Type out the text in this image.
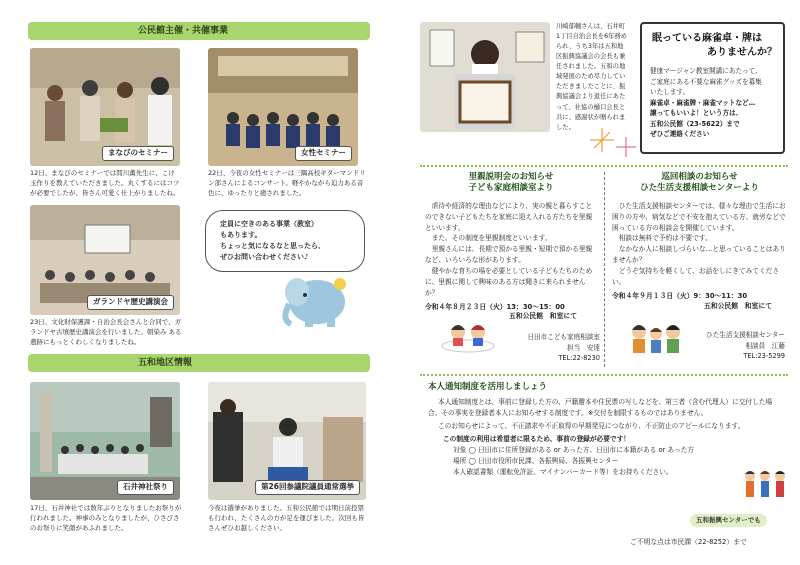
公民館主催・共催事業
まなびのセミナー
12日、まなびのセミナーでは間川薫先生に、こけ玉作りを教えていただきました。丸くするにはコツが必要でしたが、皆さん可愛く仕上がりましたね。
女性セミナー
22日、今夜の女性セミナーは三隅高校ギターマンドリン部さんによるコンサート。軽やかながら迫力ある音色に、ゆったりと癒されました。
ガランドヤ歴史講演会
23日、文化財保護課・自治会長会さんと合同で、ガランドヤ古墳歴史講演会を行いました。朝染み ある遺跡にもっとくわしくなりましたね。
定員に空きのある事業（教室）
もあります。
ちょっと気になるなと思ったら、
ぜひお問い合わせください♪
五和地区情報
石井神社祭り
17日、石井神社では数年ぶりとなりましたお祭りが行われました。神事のみとなりましたが、ひさびさのお祭りに笑顔があふれました。
第26回参議院議員通常選挙
今夜は選挙がありました。五和公民館では期日前投票も行われ、たくさんの方が足を運びました。次回も皆さんぜひお越しください。
川崎郁輔さんは、石井町1丁目自治会長を6年務められ、うち3年は五和地区振興協議会の会長も兼任されました。五和の地域発展のため尽力していただきましたことに、振興協議会より退任にあたって、社協の樋口会長と共に、感謝状が贈られました。
眠っている麻雀卓・牌は
ありませんか？
健康マージャン教室開講にあたって、
ご家庭にある不要な麻雀グッズを募集
いたします。
麻雀卓・麻雀牌・麻雀マットなど…
譲ってもいいよ！という方は、
五和公民館（23-5622）まで
ぜひご連絡ください
里親説明会のお知らせ
子ども家庭相談室より
虐待や経済的な理由などにより、実の親と暮らすことのできない子どもたちを家庭に迎え入れる方たちを里親といいます。
また、その制度を里親制度といいます。
里親さんには、長期で預かる里親・短期で預かる里親など、いろいろな形があります。
健やかな育ちの場を必要としている子どもたちのために、里親に関して興味のある方は聞きに来られませんか？
令和４年８月２３日（火）13：30～15：00
五和公民館　和室にて
日田市こども家庭相談室
担当　安達
TEL:22-8230
巡回相談のお知らせ
ひた生活支援相談センターより
ひた生活支援相談センターでは、様々な理由で生活にお困りの方や、病気などで不安を抱えている方、就労などで困っている方の相談会を開催しています。
相談は無料で予約は不要です。
なかなか人に相談しづらいな…と思っていることはありませんか？
どうぞ気持ちを軽くして、お話をしにきてみてください。
令和４年９月１３日（火）9：30～11：30
五和公民館　和室にて
ひた生活支援相談センター
相談員　江藤
TEL:23-5299
本人通知制度を活用しましょう
本人通知制度とは、事前に登録した方の、戸籍謄本や住民票の写しなどを、第三者（含む代理人）に交付した場合、その事実を登録者本人にお知らせする制度です。※交付を制限するものではありません。
このお知らせによって、不正請求や不正取得の早期発見につながり、不正防止のアピールになります。
この制度の利用は希望者に限るため、事前の登録が必要です！
対象 ◯ 日田市に住所登録がある or あった方、日田市に本籍がある or あった方
場所 ◯ 日田市役所市民課、各振興局、各振興センター
本人確認書類（運転免許証、マイナンバーカード等）をお持ちください。
五和振興センターでも
ご不明な点は市民課（22-8252）まで
